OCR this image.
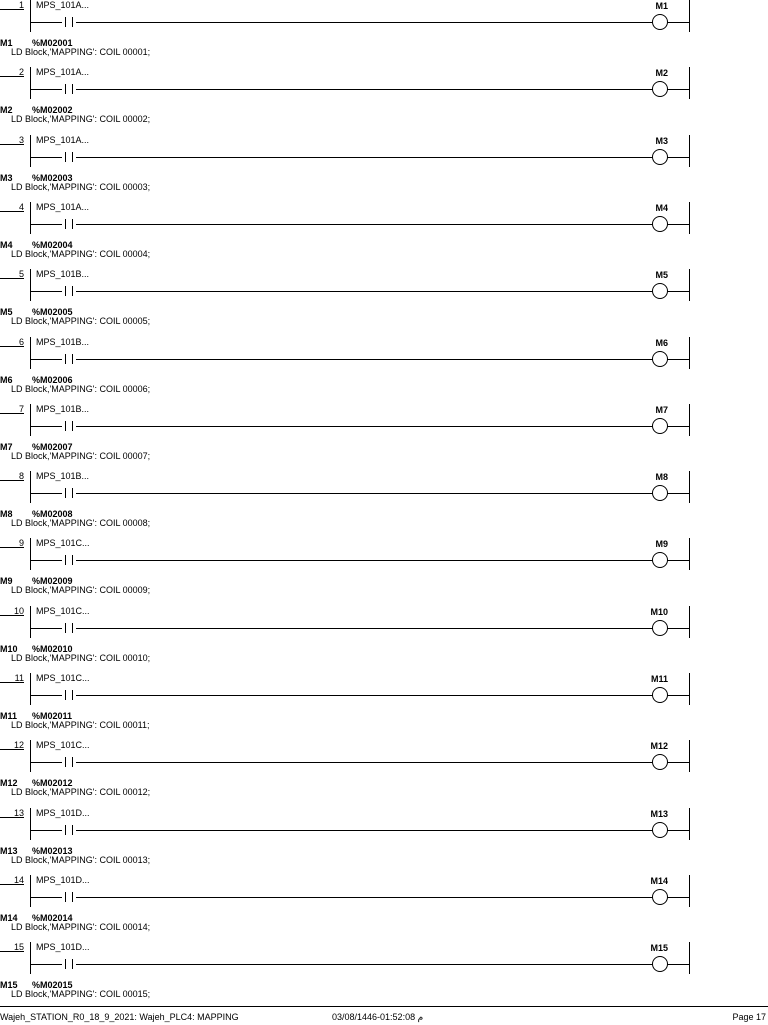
1 MPS_101A...	M1
M1 %M02001
LD Block,'MAPPING': COIL 00001;
2 MPS_101A...	M2
M2 %M02002
LD Block,'MAPPING': COIL 00002;
3 MPS_101A...	M3
M3 %M02003
LD Block,'MAPPING': COIL 00003;
4 MPS_101A...	M4
M4 %M02004
LD Block,'MAPPING': COIL 00004;
5 MPS_101B...	M5
M5 %M02005
LD Block,'MAPPING': COIL 00005;
6 MPS_101B...	M6
M6 %M02006
LD Block,'MAPPING': COIL 00006;
7 MPS_101B...	M7
M7 %M02007
LD Block,'MAPPING': COIL 00007;
8 MPS_101B...	M8
M8 %M02008
LD Block,'MAPPING': COIL 00008;
9 MPS_101C...	M9
M9 %M02009
LD Block,'MAPPING': COIL 00009;
10 MPS_101C...	M10
M10 %M02010
LD Block,'MAPPING': COIL 00010;
11 MPS_101C...	M11
M11 %M02011
LD Block,'MAPPING': COIL 00011;
12 MPS_101C...	M12
M12 %M02012
LD Block,'MAPPING': COIL 00012;
13 MPS_101D...	M13
M13 %M02013
LD Block,'MAPPING': COIL 00013;
14 MPS_101D...	M14
M14 %M02014
LD Block,'MAPPING': COIL 00014;
15 MPS_101D...	M15
M15 %M02015
LD Block,'MAPPING': COIL 00015;
Wajeh_STATION_R0_18_9_2021: Wajeh_PLC4: MAPPING	03/08/1446-01:52:08 م	Page 17
